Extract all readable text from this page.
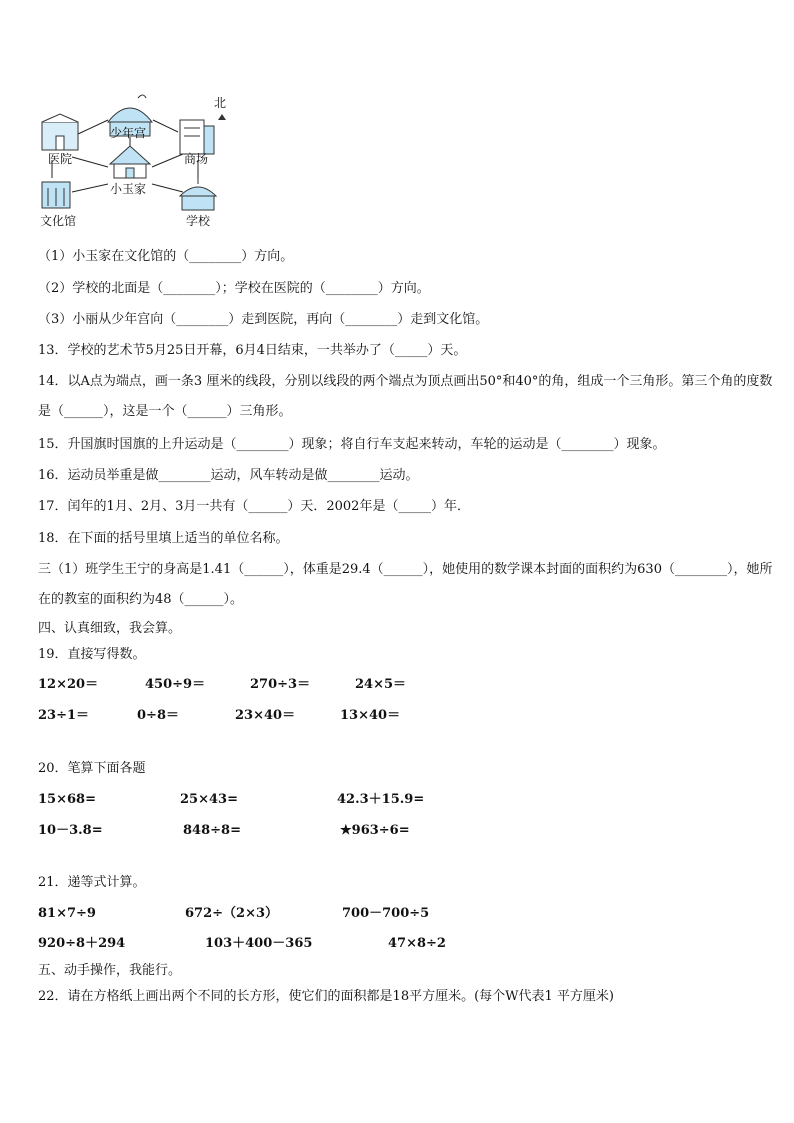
少年宫
医院	商场
小玉家
文化馆	学校
北
（1）小玉家在文化馆的（________）方向。
（2）学校的北面是（________）；学校在医院的（________）方向。
（3）小丽从少年宫向（________）走到医院，再向（________）走到文化馆。
13．学校的艺术节5月25日开幕，6月4日结束，一共举办了（_____）天。
14．以A点为端点，画一条3 厘米的线段，分别以线段的两个端点为顶点画出50°和40°的角，组成一个三角形。第三个角的度数是（______），这是一个（______）三角形。
15．升国旗时国旗的上升运动是（________）现象；将自行车支起来转动，车轮的运动是（________）现象。
16．运动员举重是做________运动，风车转动是做________运动。
17．闰年的1月、2月、3月一共有（______）天．2002年是（_____）年．
18．在下面的括号里填上适当的单位名称。
三（1）班学生王宁的身高是1.41（______），体重是29.4（______），她使用的数学课本封面的面积约为630（________），她所在的教室的面积约为48（______）。
四、认真细致，我会算。
19．直接写得数。
12×20＝	450÷9＝	270÷3＝	24×5＝
23÷1＝	0÷8＝	23×40＝	13×40＝
20．笔算下面各题
15×68=	25×43=	42.3＋15.9=
10－3.8=	848÷8=	★963÷6=
21．递等式计算。
81×7÷9	672÷（2×3）	700－700÷5
920÷8＋294	103＋400－365	47×8÷2
五、动手操作，我能行。
22．请在方格纸上画出两个不同的长方形，使它们的面积都是18平方厘米。(每个W代表1 平方厘米)
